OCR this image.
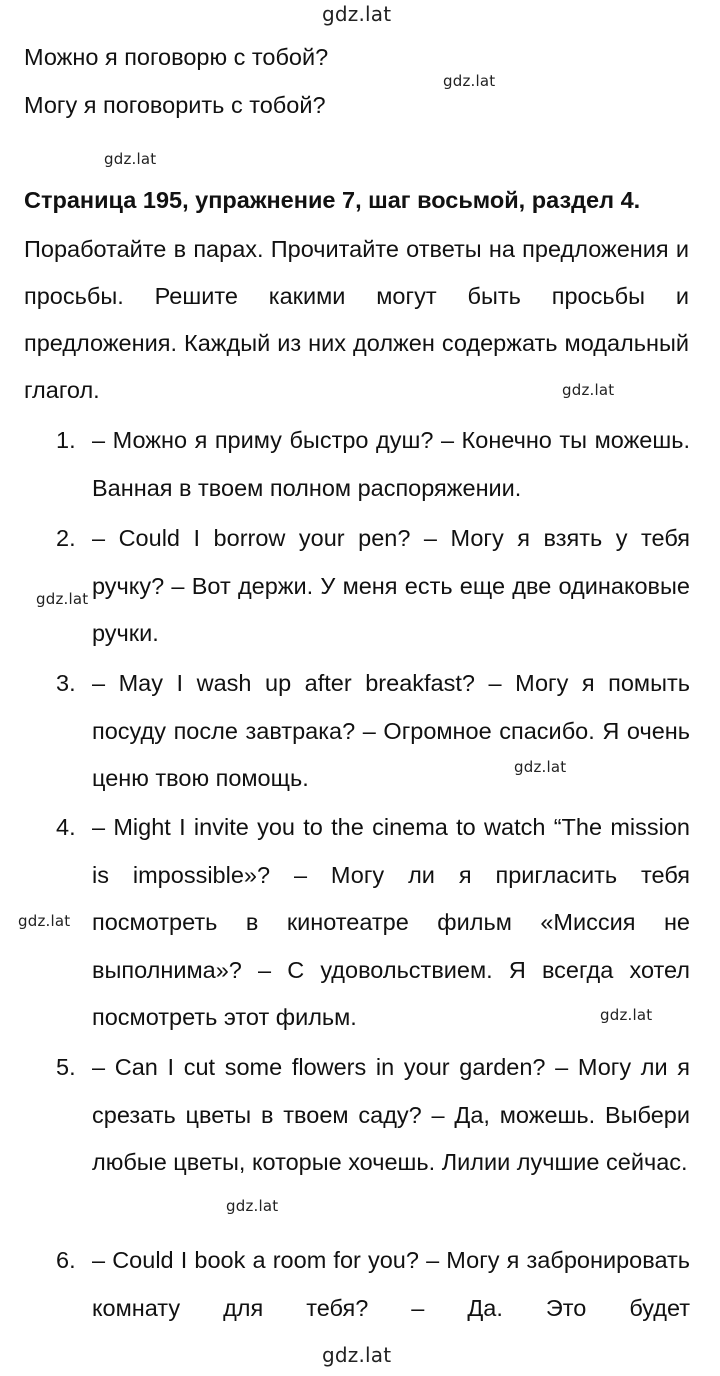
gdz.lat
gdz.lat
gdz.lat
gdz.lat
gdz.lat
gdz.lat
gdz.lat
gdz.lat
gdz.lat
gdz.lat
Можно я поговорю с тобой?
Могу я поговорить с тобой?
Страница 195, упражнение 7, шаг восьмой, раздел 4.
Поработайте в парах. Прочитайте ответы на предложения и просьбы. Решите какими могут быть просьбы и предложения. Каждый из них должен содержать модальный глагол.
1. – Можно я приму быстро душ? – Конечно ты можешь. Ванная в твоем полном распоряжении.
2. – Could I borrow your pen? – Могу я взять у тебя ручку? – Вот держи. У меня есть еще две одинаковые ручки.
3. – May I wash up after breakfast? – Могу я помыть посуду после завтрака? – Огромное спасибо. Я очень ценю твою помощь.
4. – Might I invite you to the cinema to watch “The mission is impossible»? – Могу ли я пригласить тебя посмотреть в кинотеатре фильм «Миссия не выполнима»? – С удовольствием. Я всегда хотел посмотреть этот фильм.
5. – Can I cut some flowers in your garden? – Могу ли я срезать цветы в твоем саду? – Да, можешь. Выбери любые цветы, которые хочешь. Лилии лучшие сейчас.
6. – Could I book a room for you? – Могу я забронировать комнату для тебя? – Да. Это будет
